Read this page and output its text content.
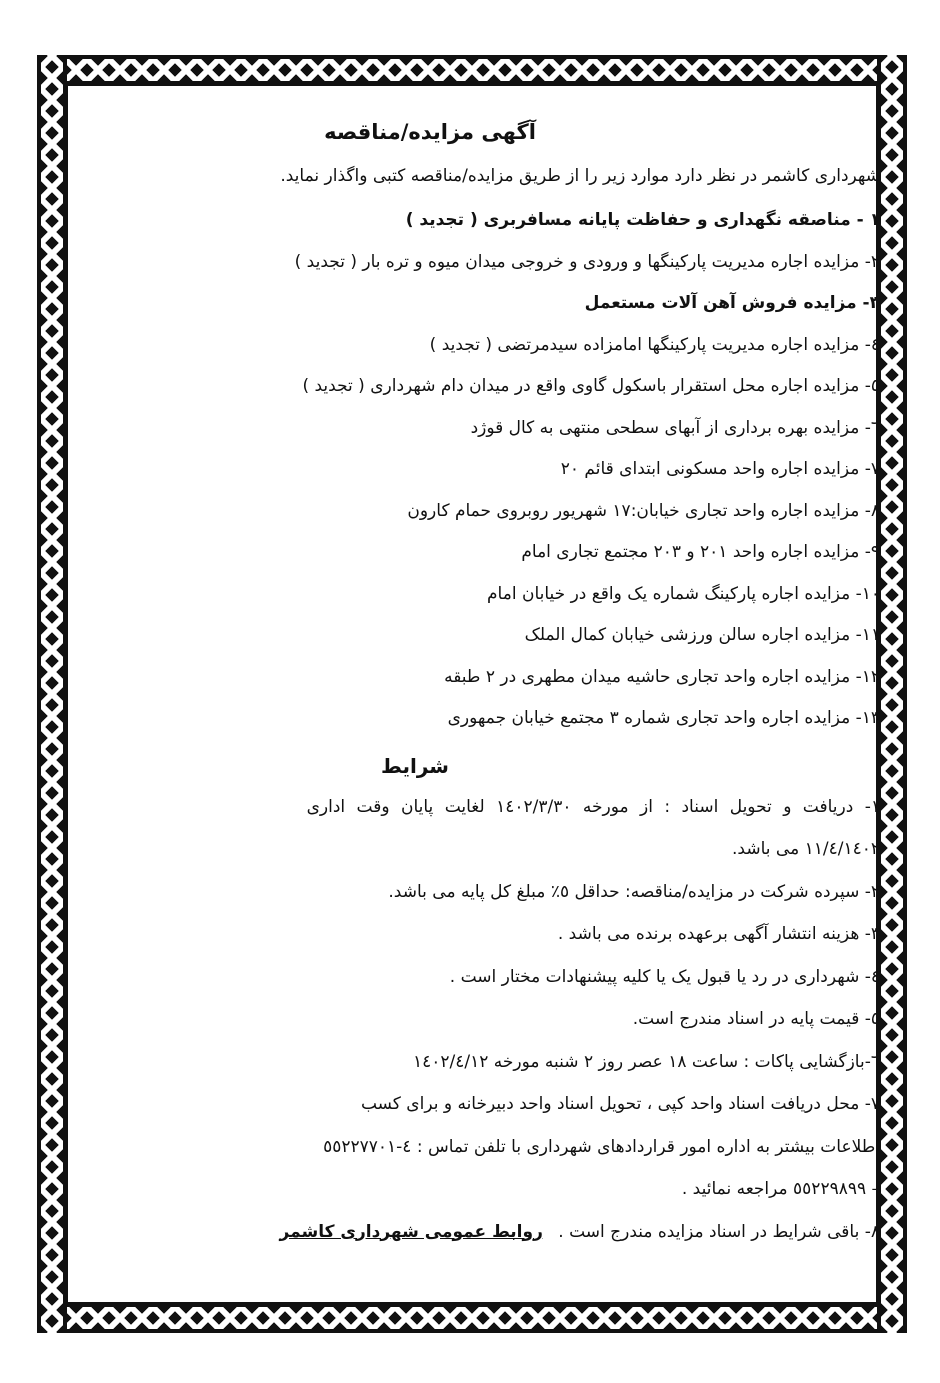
آگهی مزایده/مناقصه

شهرداری کاشمر در نظر دارد موارد زیر را از طریق مزایده/مناقصه کتبی واگذار نماید.

۱ - مناصقه نگهداری و حفاظت پایانه مسافربری ( تجدید )

۲- مزایده اجاره مدیریت پارکینگها و ورودی و خروجی میدان میوه و تره بار ( تجدید )

۳- مزایده فروش آهن آلات مستعمل

٤- مزایده اجاره مدیریت پارکینگها امامزاده سیدمرتضی ( تجدید )

٥- مزایده اجاره محل استقرار باسکول گاوی واقع در میدان دام شهرداری ( تجدید )

٦- مزایده بهره برداری از آبهای سطحی منتهی به کال قوژد

۷- مزایده اجاره واحد مسکونی ابتدای قائم ۲۰

۸- مزایده اجاره واحد تجاری خیابان:۱۷ شهریور روبروی حمام کارون

۹- مزایده اجاره واحد ۲۰۱ و ۲۰۳ مجتمع تجاری امام

۱۰- مزایده اجاره پارکینگ شماره یک واقع در خیابان امام

۱۱- مزایده اجاره سالن ورزشی خیابان کمال الملک

۱۲- مزایده اجاره واحد تجاری حاشیه میدان مطهری در ۲ طبقه

۱۳- مزایده اجاره واحد تجاری شماره ۳ مجتمع خیابان جمهوری

شرایط

۱- دریافت و تحویل اسناد : از مورخه ۱٤۰۲/۳/۳۰ لغایت پایان وقت اداری

۱٤۰۲/٤/۱۱ می باشد.

۲- سپرده شرکت در مزایده/مناقصه: حداقل ٥٪ مبلغ کل پایه می باشد.

۳- هزینه انتشار آگهی برعهده برنده می باشد .

٤- شهرداری در رد یا قبول یک یا کلیه پیشنهادات مختار است .

٥- قیمت پایه در اسناد مندرج است.

٦-بازگشایی پاکات : ساعت ۱۸ عصر روز ۲ شنبه مورخه ۱٤۰۲/٤/۱۲

۷- محل دریافت اسناد واحد کپی ، تحویل اسناد واحد دبیرخانه و برای کسب

اطلاعات بیشتر به اداره امور قراردادهای شهرداری با تلفن تماس : ٤-٥٥٢٢٧٧٠۱

– ٥٥٢۲۹۸۹۹ مراجعه نمائید .

۸- باقی شرایط در اسناد مزایده مندرج است . روابط عمومی شهرداری کاشمر
